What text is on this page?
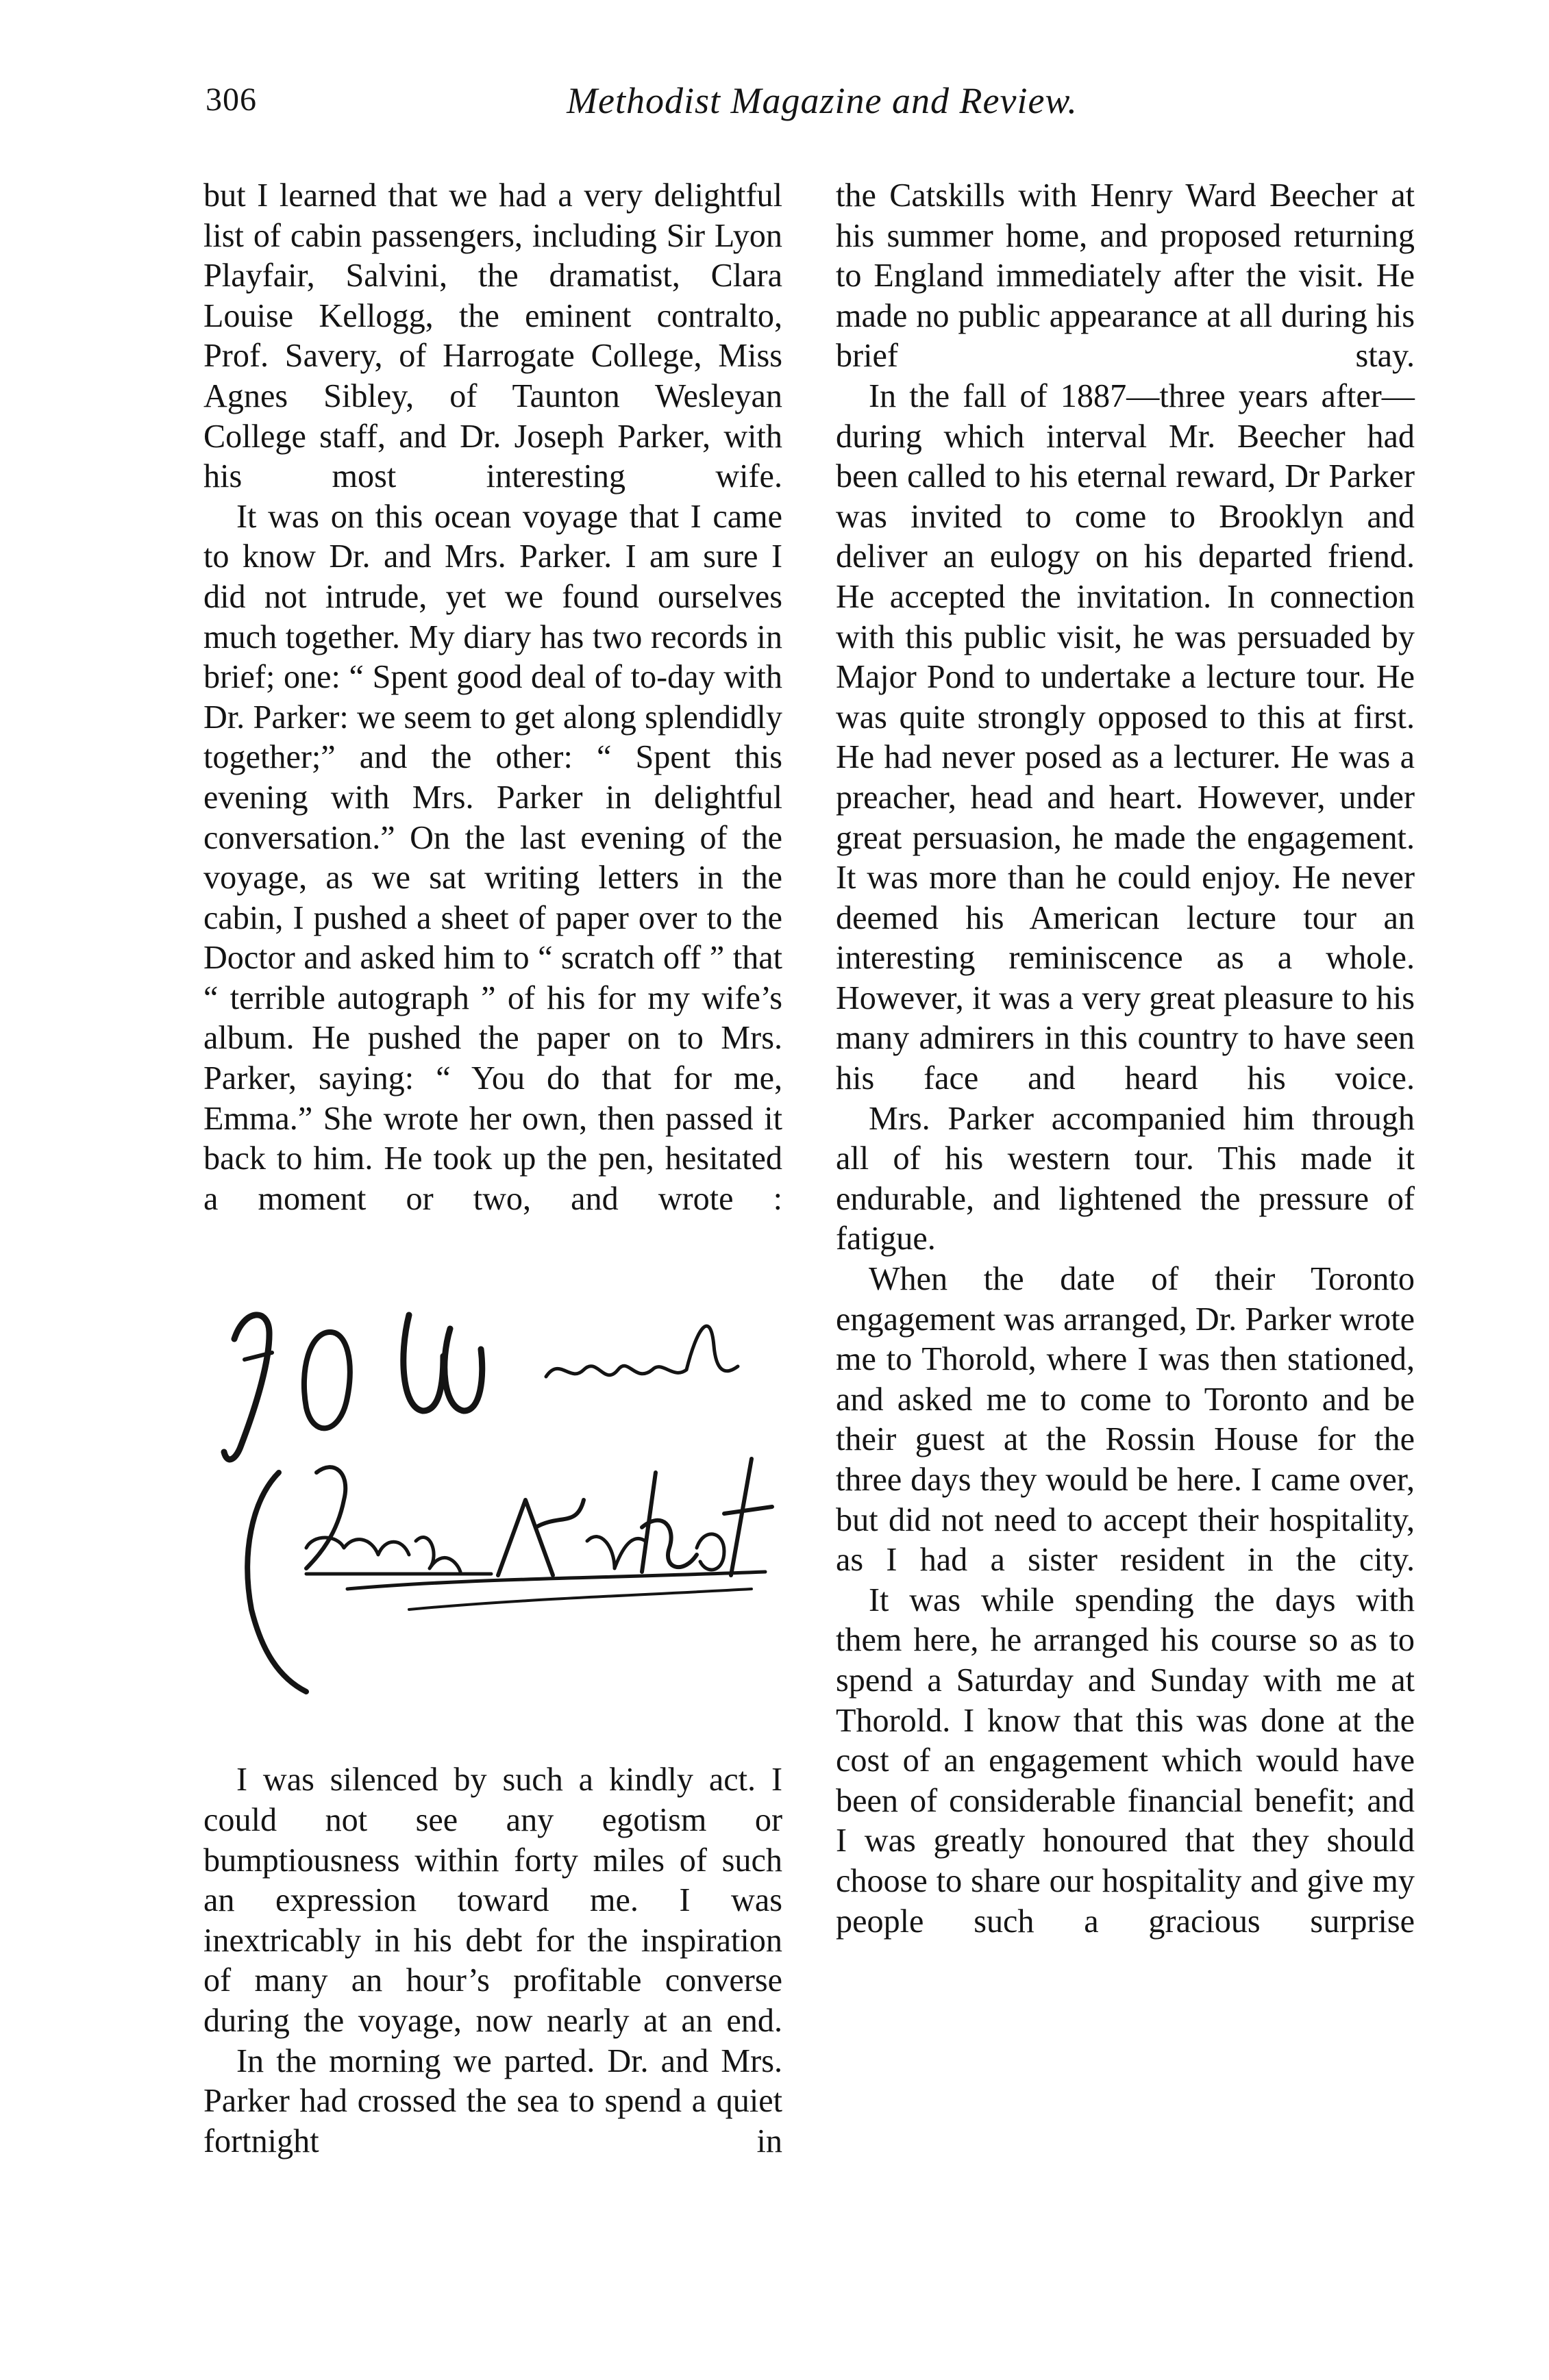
306	Methodist Magazine and Review.

but I learned that we had a very delightful list of cabin passengers, including Sir Lyon Playfair, Salvini, the dramatist, Clara Louise Kellogg, the eminent contralto, Prof. Savery, of Harrogate College, Miss Agnes Sibley, of Taunton Wesleyan College staff, and Dr. Joseph Parker, with his most interesting wife.

It was on this ocean voyage that I came to know Dr. and Mrs. Parker. I am sure I did not intrude, yet we found ourselves much together. My diary has two records in brief; one: “ Spent good deal of to-day with Dr. Parker: we seem to get along splendidly together;” and the other: “ Spent this evening with Mrs. Parker in delightful conversation.” On the last evening of the voyage, as we sat writing letters in the cabin, I pushed a sheet of paper over to the Doctor and asked him to “ scratch off ” that “ terrible autograph ” of his for my wife’s album. He pushed the paper on to Mrs. Parker, saying: “ You do that for me, Emma.” She wrote her own, then passed it back to him. He took up the pen, hesitated a moment or two, and wrote :

I was silenced by such a kindly act. I could not see any egotism or bumptiousness within forty miles of such an expression toward me. I was inextricably in his debt for the inspiration of many an hour’s profitable converse during the voyage, now nearly at an end.

In the morning we parted. Dr. and Mrs. Parker had crossed the sea to spend a quiet fortnight in

the Catskills with Henry Ward Beecher at his summer home, and proposed returning to England immediately after the visit. He made no public appearance at all during his brief stay.

In the fall of 1887—three years after—during which interval Mr. Beecher had been called to his eternal reward, Dr Parker was invited to come to Brooklyn and deliver an eulogy on his departed friend. He accepted the invitation. In connection with this public visit, he was persuaded by Major Pond to undertake a lecture tour. He was quite strongly opposed to this at first. He had never posed as a lecturer. He was a preacher, head and heart. However, under great persuasion, he made the engagement. It was more than he could enjoy. He never deemed his American lecture tour an interesting reminiscence as a whole. However, it was a very great pleasure to his many admirers in this country to have seen his face and heard his voice.

Mrs. Parker accompanied him through all of his western tour. This made it endurable, and lightened the pressure of fatigue.

When the date of their Toronto engagement was arranged, Dr. Parker wrote me to Thorold, where I was then stationed, and asked me to come to Toronto and be their guest at the Rossin House for the three days they would be here. I came over, but did not need to accept their hospitality, as I had a sister resident in the city.

It was while spending the days with them here, he arranged his course so as to spend a Saturday and Sunday with me at Thorold. I know that this was done at the cost of an engagement which would have been of considerable financial benefit; and I was greatly honoured that they should choose to share our hospitality and give my people such a gracious surprise
